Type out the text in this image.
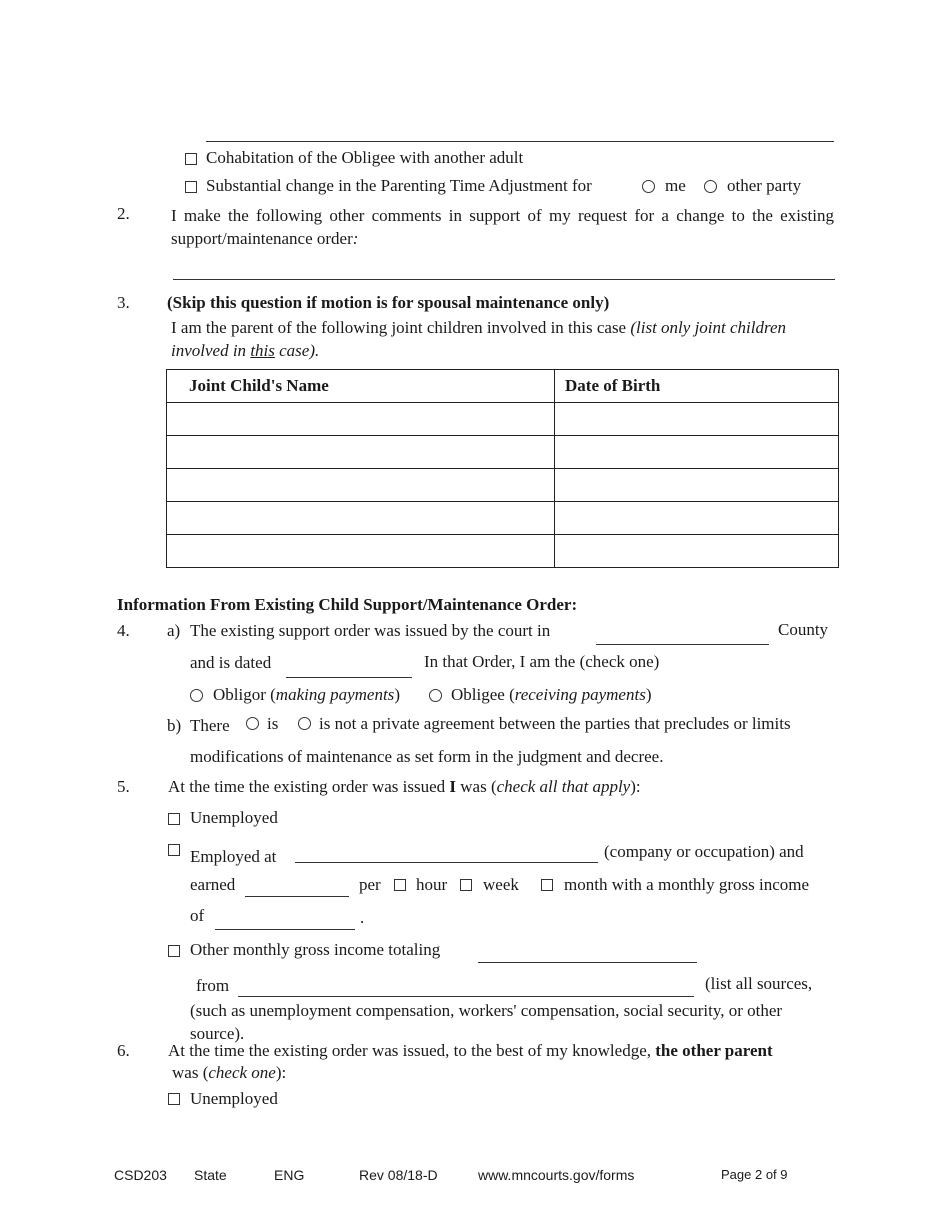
Cohabitation of the Obligee with another adult
Substantial change in the Parenting Time Adjustment for	me other party
2. I make the following other comments in support of my request for a change to the existing support/maintenance order:
3. (Skip this question if motion is for spousal maintenance only)
I am the parent of the following joint children involved in this case (list only joint children involved in this case).
Joint Child's Name	Date of Birth

Information From Existing Child Support/Maintenance Order:
4. a) The existing support order was issued by the court in	County
and is dated	In that Order, I am the (check one)
Obligor (making payments)	Obligee (receiving payments)
b) There is is not a private agreement between the parties that precludes or limits
modifications of maintenance as set form in the judgment and decree.
5. At the time the existing order was issued I was (check all that apply):
Unemployed
Employed at	(company or occupation) and
earned	per hour week	month with a monthly gross income
of	.
Other monthly gross income totaling
from	(list all sources,
(such as unemployment compensation, workers' compensation, social security, or other source).
6. At the time the existing order was issued, to the best of my knowledge, the other parent
was (check one):
Unemployed
CSD203 State	ENG	Rev 08/18-D	www.mncourts.gov/forms	Page 2 of 9
